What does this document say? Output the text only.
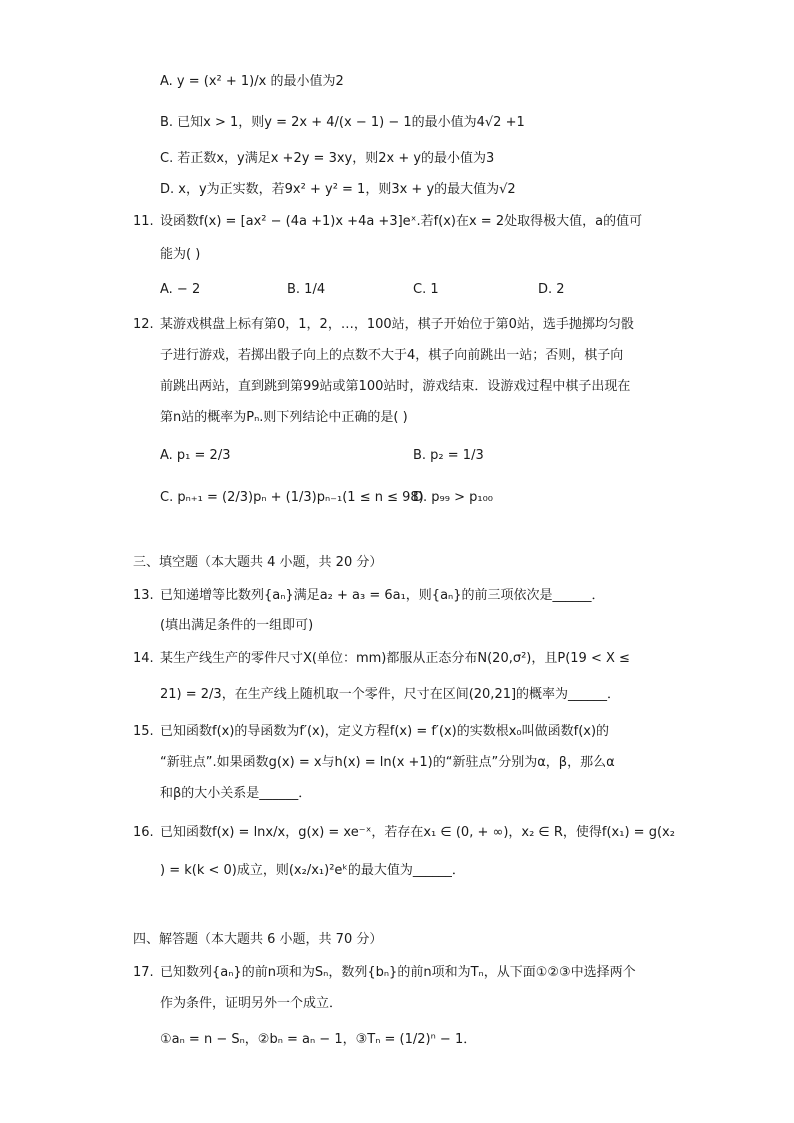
A. y = (x² + 1)/x 的最小值为2
B. 已知x > 1，则y = 2x + 4/(x − 1) − 1的最小值为4√2 +1
C. 若正数x，y满足x +2y = 3xy，则2x + y的最小值为3
D. x，y为正实数，若9x² + y² = 1，则3x + y的最大值为√2
11. 设函数f(x) = [ax² − (4a +1)x +4a +3]eˣ.若f(x)在x = 2处取得极大值，a的值可
能为( )
A. − 2	B. 1/4	C. 1	D. 2
12. 某游戏棋盘上标有第0，1，2，…，100站，棋子开始位于第0站，选手抛掷均匀骰
子进行游戏，若掷出骰子向上的点数不大于4，棋子向前跳出一站；否则，棋子向
前跳出两站，直到跳到第99站或第100站时，游戏结束．设游戏过程中棋子出现在
第n站的概率为Pₙ.则下列结论中正确的是( )
A. p₁ = 2/3	B. p₂ = 1/3
C. pₙ₊₁ = (2/3)pₙ + (1/3)pₙ₋₁(1 ≤ n ≤ 98)
D. p₉₉ > p₁₀₀
三、填空题（本大题共 4 小题，共 20 分）
13. 已知递增等比数列{aₙ}满足a₂ + a₃ = 6a₁，则{aₙ}的前三项依次是______．
(填出满足条件的一组即可)
14. 某生产线生产的零件尺寸X(单位：mm)都服从正态分布N(20,σ²)，且P(19 < X ≤
21) = 2/3，在生产线上随机取一个零件，尺寸在区间(20,21]的概率为______．
15. 已知函数f(x)的导函数为f′(x)，定义方程f(x) = f′(x)的实数根x₀叫做函数f(x)的
“新驻点”.如果函数g(x) = x与h(x) = ln(x +1)的“新驻点”分别为α，β，那么α
和β的大小关系是______．
16. 已知函数f(x) = lnx/x，g(x) = xe⁻ˣ，若存在x₁ ∈ (0, + ∞)，x₂ ∈ R，使得f(x₁) = g(x₂
) = k(k < 0)成立，则(x₂/x₁)²eᵏ的最大值为______．
四、解答题（本大题共 6 小题，共 70 分）
17. 已知数列{aₙ}的前n项和为Sₙ，数列{bₙ}的前n项和为Tₙ，从下面①②③中选择两个
作为条件，证明另外一个成立．
①aₙ = n − Sₙ，②bₙ = aₙ − 1，③Tₙ = (1/2)ⁿ − 1．
